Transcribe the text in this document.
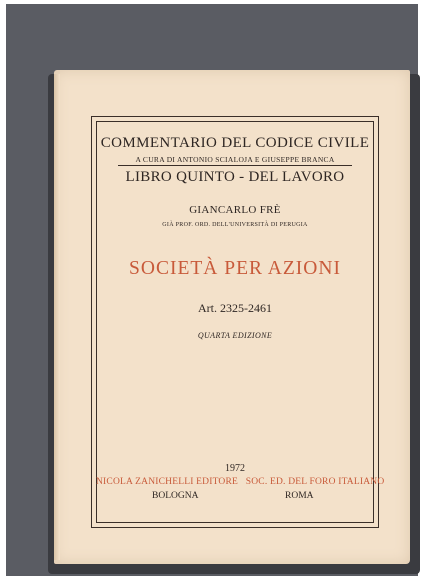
COMMENTARIO DEL CODICE CIVILE

A CURA DI ANTONIO SCIALOJA E GIUSEPPE BRANCA

LIBRO QUINTO - DEL LAVORO

GIANCARLO FRÈ

GIÀ PROF. ORD. DELL'UNIVERSITÀ DI PERUGIA

SOCIETÀ PER AZIONI

Art. 2325-2461

QUARTA EDIZIONE

1972

NICOLA ZANICHELLI EDITORE   SOC. ED. DEL FORO ITALIANO

BOLOGNA	ROMA
